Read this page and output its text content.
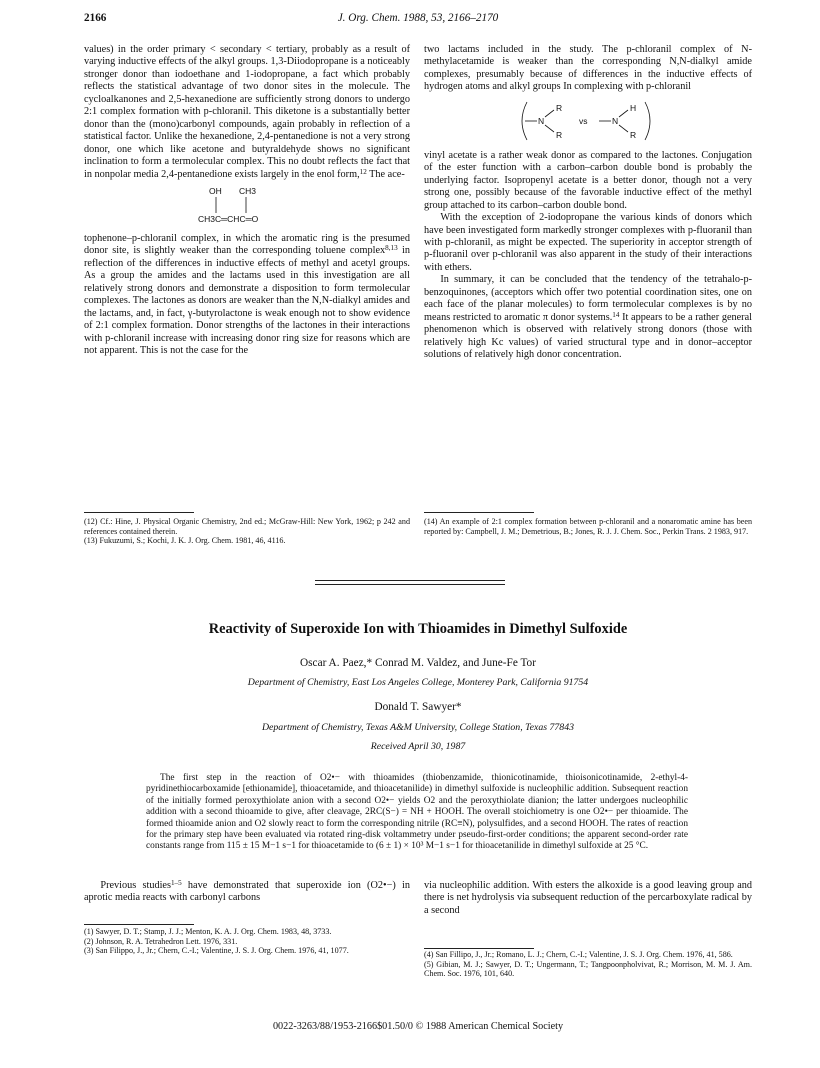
2166	J. Org. Chem. 1988, 53, 2166–2170

values) in the order primary < secondary < tertiary, probably as a result of varying inductive effects of the alkyl groups. 1,3-Diiodopropane is a noticeably stronger donor than iodoethane and 1-iodopropane, a fact which probably reflects the statistical advantage of two donor sites in the molecule. The cycloalkanones and 2,5-hexanedione are sufficiently strong donors to undergo 2:1 complex formation with p-chloranil. This diketone is a substantially better donor than the (mono)carbonyl compounds, again probably in reflection of a statistical factor. Unlike the hexanedione, 2,4-pentanedione is not a very strong donor, one which like acetone and butyraldehyde shows no significant inclination to form a termolecular complex. This no doubt reflects the fact that in nonpolar media 2,4-pentanedione exists largely in the enol form,$^{12}$ The ace-

OH CH3
CH3C═CHC═O

tophenone–p-chloranil complex, in which the aromatic ring is the presumed donor site, is slightly weaker than the corresponding toluene complex$^{8,13}$ in reflection of the differences in inductive effects of methyl and acetyl groups. As a group the amides and the lactams used in this investigation are all relatively strong donors and demonstrate a disposition to form termolecular complexes. The lactones as donors are weaker than the N,N-dialkyl amides and the lactams, and, in fact, γ-butyrolactone is weak enough not to show evidence of 2:1 complex formation. Donor strengths of the lactones in their interactions with p-chloranil increase with increasing donor ring size for reasons which are not apparent. This is not the case for the

two lactams included in the study. The p-chloranil complex of N-methylacetamide is weaker than the corresponding N,N-dialkyl amide complexes, presumably because of differences in the inductive effects of hydrogen atoms and alkyl groups In complexing with p-chloranil

N
R
R
vs	N
H
R

vinyl acetate is a rather weak donor as compared to the lactones. Conjugation of the ester function with a carbon–carbon double bond is probably the underlying factor. Isopropenyl acetate is a better donor, though not a very strong one, possibly because of the favorable inductive effect of the methyl group attached to its carbon–carbon double bond.

With the exception of 2-iodopropane the various kinds of donors which have been investigated form markedly stronger complexes with p-fluoranil than with p-chloranil, as might be expected. The superiority in acceptor strength of p-fluoranil over p-chloranil was also apparent in the study of their interactions with ethers.

In summary, it can be concluded that the tendency of the tetrahalo-p-benzoquinones, (acceptors which offer two potential coordination sites, one on each face of the planar molecules) to form termolecular complexes is by no means restricted to aromatic π donor systems.$^{14}$ It appears to be a rather general phenomenon which is observed with relatively strong donors (those with relatively high Kc values) of varied structural type and in donor–acceptor solutions of relatively high donor concentration.

(12) Cf.: Hine, J. Physical Organic Chemistry, 2nd ed.; McGraw-Hill: New York, 1962; p 242 and references contained therein.

(13) Fukuzumi, S.; Kochi, J. K. J. Org. Chem. 1981, 46, 4116.

(14) An example of 2:1 complex formation between p-chloranil and a nonaromatic amine has been reported by: Campbell, J. M.; Demetrious, B.; Jones, R. J. J. Chem. Soc., Perkin Trans. 2 1983, 917.

Reactivity of Superoxide Ion with Thioamides in Dimethyl Sulfoxide
Oscar A. Paez,* Conrad M. Valdez, and June-Fe Tor
Department of Chemistry, East Los Angeles College, Monterey Park, California 91754
Donald T. Sawyer*
Department of Chemistry, Texas A&M University, College Station, Texas 77843
Received April 30, 1987
The first step in the reaction of O2•− with thioamides (thiobenzamide, thionicotinamide, thioisonicotinamide, 2-ethyl-4-pyridinethiocarboxamide [ethionamide], thioacetamide, and thioacetanilide) in dimethyl sulfoxide is nucleophilic addition. Subsequent reaction of the initially formed peroxythiolate anion with a second O2•− yields O2 and the peroxythiolate dianion; the latter undergoes nucleophilic addition with a second thioamide to give, after cleavage, 2RC(S−) = NH + HOOH. The overall stoichiometry is one O2•− per thioamide. The formed thioamide anion and O2 slowly react to form the corresponding nitrile (RC≡N), polysulfides, and a second HOOH. The rates of reaction for the primary step have been evaluated via rotated ring-disk voltammetry under pseudo-first-order conditions; the apparent second-order rate constants range from 115 ± 15 M−1 s−1 for thioacetamide to (6 ± 1) × 10³ M−1 s−1 for thioacetanilide in dimethyl sulfoxide at 25 °C.

Previous studies$^{1-5}$ have demonstrated that superoxide ion (O2•−) in aprotic media reacts with carbonyl carbons

via nucleophilic addition. With esters the alkoxide is a good leaving group and there is net hydrolysis via subsequent reduction of the percarboxylate radical by a second

(1) Sawyer, D. T.; Stamp, J. J.; Menton, K. A. J. Org. Chem. 1983, 48, 3733.

(2) Johnson, R. A. Tetrahedron Lett. 1976, 331.

(3) San Filippo, J., Jr.; Chern, C.-I.; Valentine, J. S. J. Org. Chem. 1976, 41, 1077.	(4) San Fillipo, J., Jr.; Romano, L. J.; Chern, C.-I.; Valentine, J. S. J. Org. Chem. 1976, 41, 586.

(5) Gibian, M. J.; Sawyer, D. T.; Ungermann, T.; Tangpoonpholvivat, R.; Morrison, M. M. J. Am. Chem. Soc. 1976, 101, 640.

0022-3263/88/1953-2166$01.50/0 © 1988 American Chemical Society
